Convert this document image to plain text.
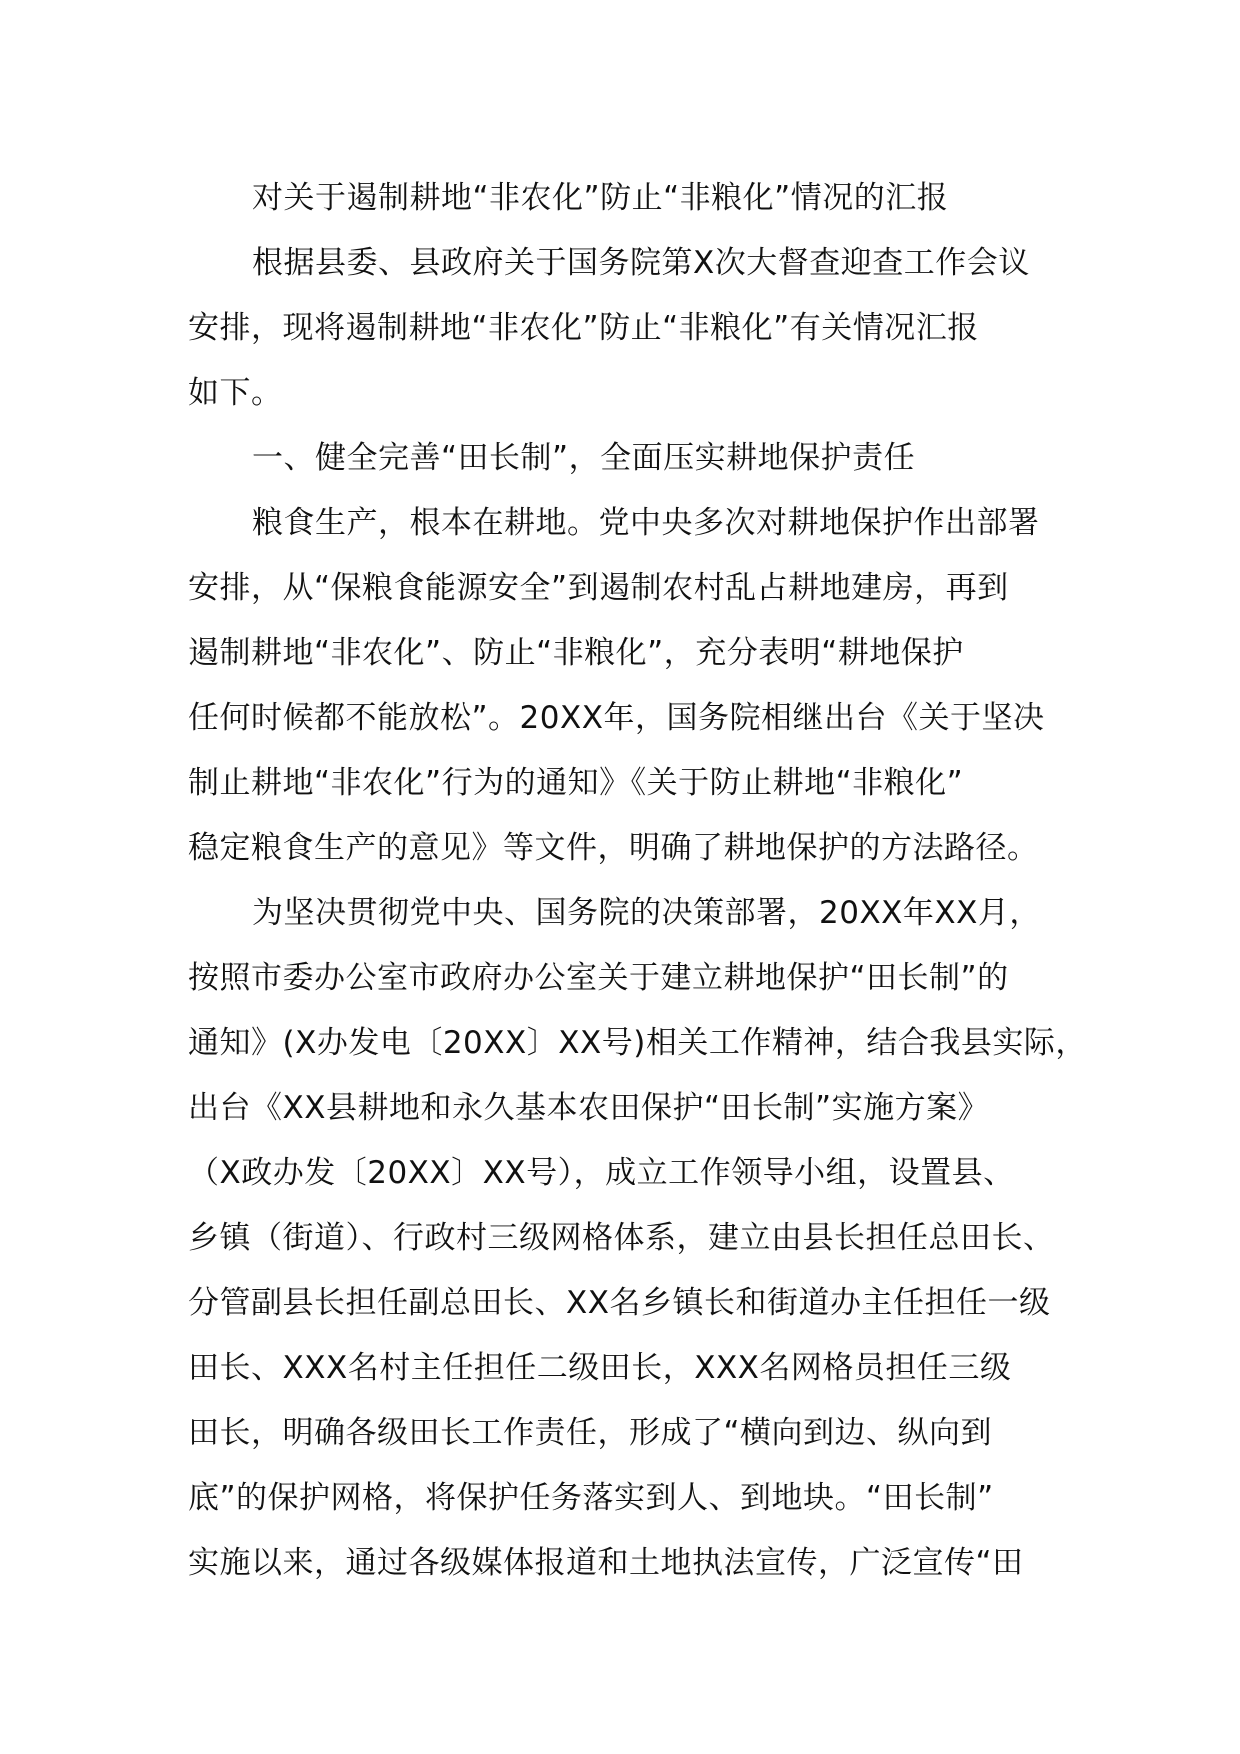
对关于遏制耕地“非农化”防止“非粮化”情况的汇报
根据县委、县政府关于国务院第X次大督查迎查工作会议
安排，现将遏制耕地“非农化”防止“非粮化”有关情况汇报
如下。
一、健全完善“田长制”，全面压实耕地保护责任
粮食生产，根本在耕地。党中央多次对耕地保护作出部署
安排，从“保粮食能源安全”到遏制农村乱占耕地建房，再到
遏制耕地“非农化”、防止“非粮化”，充分表明“耕地保护
任何时候都不能放松”。20XX年，国务院相继出台《关于坚决
制止耕地“非农化”行为的通知》《关于防止耕地“非粮化”
稳定粮食生产的意见》等文件，明确了耕地保护的方法路径。
为坚决贯彻党中央、国务院的决策部署，20XX年XX月，
按照市委办公室市政府办公室关于建立耕地保护“田长制”的
通知》(X办发电〔20XX〕XX号)相关工作精神，结合我县实际，
出台《XX县耕地和永久基本农田保护“田长制”实施方案》
（X政办发〔20XX〕XX号），成立工作领导小组，设置县、
乡镇（街道）、行政村三级网格体系，建立由县长担任总田长、
分管副县长担任副总田长、XX名乡镇长和街道办主任担任一级
田长、XXX名村主任担任二级田长，XXX名网格员担任三级
田长，明确各级田长工作责任，形成了“横向到边、纵向到
底”的保护网格，将保护任务落实到人、到地块。“田长制”
实施以来，通过各级媒体报道和土地执法宣传，广泛宣传“田
